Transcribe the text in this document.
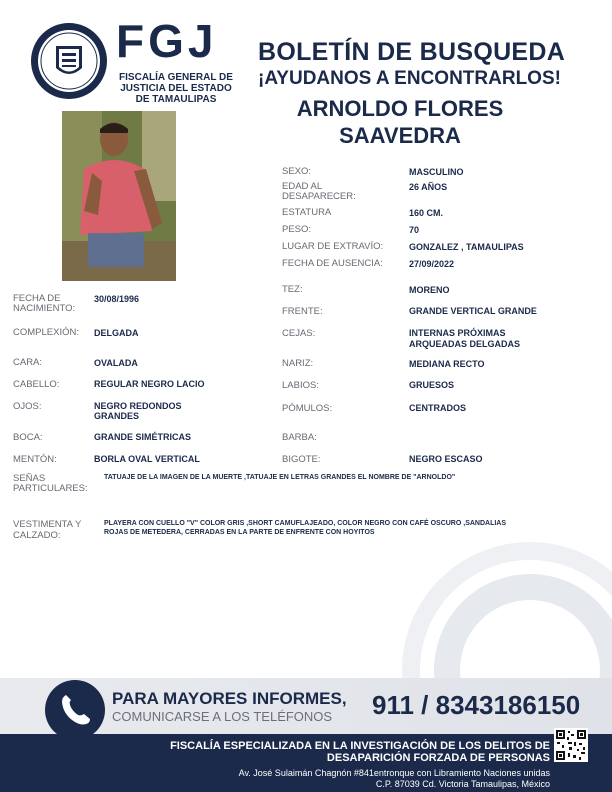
FGJ
FISCALÍA GENERAL DE JUSTICIA DEL ESTADO DE TAMAULIPAS
BOLETÍN DE BUSQUEDA
¡AYUDANOS A ENCONTRARLOS!
ARNOLDO FLORES
SAAVEDRA
SEXO:	MASCULINO
EDAD AL
DESAPARECER:
26 AÑOS
ESTATURA	160 CM.
PESO:	70
LUGAR DE EXTRAVÍO:	GONZALEZ , TAMAULIPAS
FECHA DE AUSENCIA:	27/09/2022
FECHA DE
NACIMIENTO:
30/08/1996
TEZ:	MORENO
FRENTE:	GRANDE VERTICAL GRANDE
COMPLEXIÓN: DELGADA	CEJAS:	INTERNAS PRÓXIMAS
ARQUEADAS DELGADAS
CARA:	OVALADA	NARIZ:	MEDIANA RECTO
CABELLO:	REGULAR NEGRO LACIO	LABIOS:	GRUESOS
OJOS:	NEGRO REDONDOS
GRANDES
PÓMULOS:	CENTRADOS
BOCA:	GRANDE SIMÉTRICAS	BARBA:
MENTÓN:	BORLA OVAL VERTICAL	BIGOTE:	NEGRO ESCASO
SEÑAS
PARTICULARES:
TATUAJE DE LA IMAGEN DE LA MUERTE ,TATUAJE EN LETRAS GRANDES EL NOMBRE DE "ARNOLDO"
VESTIMENTA Y
CALZADO:
PLAYERA CON CUELLO "V" COLOR GRIS ,SHORT CAMUFLAJEADO, COLOR NEGRO CON CAFÉ OSCURO ,SANDALIAS
ROJAS DE METEDERA, CERRADAS EN LA PARTE DE ENFRENTE CON HOYITOS
PARA MAYORES INFORMES,
COMUNICARSE A LOS TELÉFONOS 911 / 8343186150
FISCALÍA ESPECIALIZADA EN LA INVESTIGACIÓN DE LOS DELITOS DE
DESAPARICIÓN FORZADA DE PERSONAS
Av. José Sulaimán Chagnón #841entronque con Libramiento Naciones unidas
C.P. 87039 Cd. Victoria Tamaulipas, México
